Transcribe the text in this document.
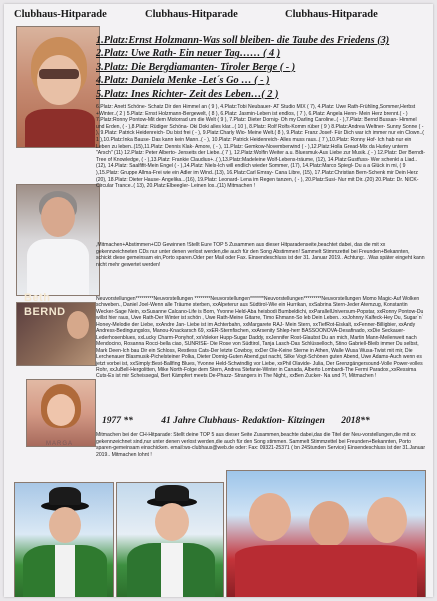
Clubhaus-Hitparade	Clubhaus-Hitparade	Clubhaus-Hitparade
Beth
BERND
MARGA
1.Platz:Ernst Holzmann-Was soll bleiben- die Taube des Friedens (3)
2.Platz: Uwe Rath- Ein neuer Tag…… ( 4 )
3.Platz: Die Bergdiamanten- Tiroler Berge ( - )
4.Platz: Daniela Menke -Let´s Go … ( - )
5.Platz: Ines Richter- Zeit des Leben…( 2 )
6.Platz: Anett Schöne- Schatz Dir den Himmel an ( 9 ), 4.Platz:Tobi Neubauer- AT Studio MIX ( 7), 4.Platz: Uwe Rath-Frühling,Sommer,Herbst +Winter..( 2 ) 5.Platz: Ernst Holzmann-Bergewelt, ( 8 ), 6.Platz: Jasmin-Leben ist endlos, ( 7 ), 6.Platz: Angela Henn- Mein Herz brennt.( - ) 7.Platz:Ronny Pontow-Mit dem Motorrad um die Welt ( 9 ), 7.Platz: Dieter Dornig- Oh my Darling Caroline..( - ),7.Platz: Bernd Bussan- Himmel und Erden, ( - ),8.Platz: Rüdiger Schöna- Oki Doki alles klar...( 10 ), 8.Platz: Rolf Rolfs-Komm rüber ( 9 ) 8.Platz:Andrea Weltner- Sunny Sonne ( - ), 9.Platz: Patrick Heidenreich- Du bist frei ( - ), 9.Platz:Charly Wio- Meine Welt.( 8 ), 9.Platz: Franz Josef- Für Dich war ich immer nur ein Clown..( 1 ),10.Platz:Inka Bause- Das kann kein Mann..( - ), 10.Platz: Patrick Heidenreich- Alles muss raus..( 7 ),10.Platz: Ronny Hof- Ich hab nur ein Leben zu leben..(15),11.Platz: Dennis Klak- Amore, ( - ), 11.Platz: Gemkow-Novemberwind ( - ),12.Platz:Holla Gread-Mix da Hurley unterm "Arsch" (11) 12.Platz: Peter Alberto- Jenseits der Liebe..( 7 ), 12.Platz:Wolfin Weiter a.u. Bluesmuk-Aus Liebe zur Musik..( - ) 12.Platz: Der Berndt-Tree of Knowledge, ( - ),13.Platz: Frankie Claudius+..( ),13.Platz:Madeleine Wolf-Lebens-träume, (12), 14.Platz:Gustfuss- Wer schenkt a Liad..(12), 14.Platz: Saalfifit-Mein Engel ( - ),14.Platz: Niels-Ich will endlich wieder Sommer, (17), 14.Platz:Marco Spiegl- Du a a Glück in mi, ( 9 ),15.Platz: Gruppe Allma-Frei wie ein Adler im Wind..(13), 16.Platz:Carl Emray- Cana Libre, (15), 17.Platz:Christian Bern-Schenk mir Dein Herz (20), 18.Platz: Dieter Hause- Angelika...(16), 19.Platz: Leonard- Lena im Regen tanzen, ( - ), 20.Platz:Susi- Nur mit Dir..(20) 20.Platz: Dr. NICK- Circular Trance..( 13), 20.Platz:Elbeegler- Leinen los..(11) Mitmachen !
,Mitmachen+Abstimmen+CD Gewinnen !Stellt Eure TOP 5 Zusammen aus dieser Hitparadenseite,beachtet dabei, das die mit xx gekennzeichneten CDs nur unter denen verlost werden,die auch für den Song Abstimmen! Sammelt Stimmzettel bei Freunden+Bekannten, schickt diese gemeinsam ein,Porto sparen.Oder per Mail oder Fax. Einsendeschluss ist der 31. Januar 2019.. Achtung:. .Was später eingeht kann nicht mehr gewertet werden!
Neuvorstellungen*********Neuvorstellungen ********Neuvorstellungen*******Neuvorstellungen*********Neuvorstellungen Momo Magic-Auf Wolken schweben., Daniel Joel-Wenn alle Träume sterben, xxAlpeterur aus Südtirol-Wie ein Hurrikan, xxSabrina Stern-Jeder Atemzug, Konstantin Wecker-Sage Nein, xxSusanne Calcano-Life is Born, Yvonne Held-Aba heisbodi Bumbeldichi, xxParallelUniversum-Popstar, xxRonny Pontow-Du willst hier raus, Uwe Rath-Der Winter ist schön , Uwe Rath-Meine Gitarre, Timo Ehmann-So leb Dein Leben.. xxJohnny Kalfeck-Hey Du, Sugar`n` Honey-Melodie der Liebe, xxAndre Jan- Liebe ist im Achterbahn, xxMargarete RAJ- Mein Stern, xxTiefRot-Eiskalt, xxFenner-Billigbier, xxAndy Andress-Bedingungslos, Manou-Knackarsch 69, xxER-Sternfischen, xxArsenity Shlep-herr BASSOONOVA-Desafinado, xxDie Seckauer-Lederhosenblues, xxLucky Charm-Ponyhof, xxVoleker Hupp-Sugar Daddy, xxJennifer Rost-Glaubst Du an mich, Martin Mann-Meilenweit nach Mendocino, Rosanna Rocci-bella ciao, SUNRISE- Die Rose von Südtirol, Tanja Lasch-Das Schlüsselloch, Stino Gabriell-Bleib immer Du selbst, Mark Deen-Ich bau Dir ein Schloss, Restless Cats-Der letzte Cowboy, xxDer Ole-Keine Sterne in Athen, Walle Wusa Wusa-Twist mit mir, Die Lerchenauer Blasmusik-Pichelsteiner Polka, Dieter Dornig-Guten Abend,gut nacht, Silke Vogt-Schönen guten Abend, Uwe Adams-Auch wenn es jetzt vorbei ist, xxSimply:Best-Ballfing Blues, Yvonne Held-Schwindlig vor Liebe, xxPhil Olavide- Julia, Der Grenzgängersound-Volle Power-volles Rohr, xxJuBell-Hergolitten, Mike North-Folge dem Stern, Andrea Stefanie-Winter in Canada, Alberto Lombardi-The Fermi Paradox,,xxRessima Cuts-Es ist mir Scheissegal, Bert Kämpfert meets De-Phazz- Strangers in The Night,, xxBen Zucker- Na und ?!, Mitmachen !
1977 **	41 Jahre Clubhaus- Redaktion- Kitzingen 2018**
Mitmachen bei der CH-Hitparade: Stellt deine TOP 5 aus dieser Seite Zusammen,beachte dabei,das die Titel der Neu-vorstellungen,die mit xx gekennzeichnet sind,nur unter denen verlost werden,die auch für den Song stimmen. Sammelt Stimmzettel bei Freunden+Bekannten, Porto sparen-gemeinsam einschicken. email:ws-clubhaus@web.de oder: Fax: 09321-25371 ( bn 24Stunden Service) Einsendeschluss ist der 31.Januar 2019.. Mitmachen lohnt !
